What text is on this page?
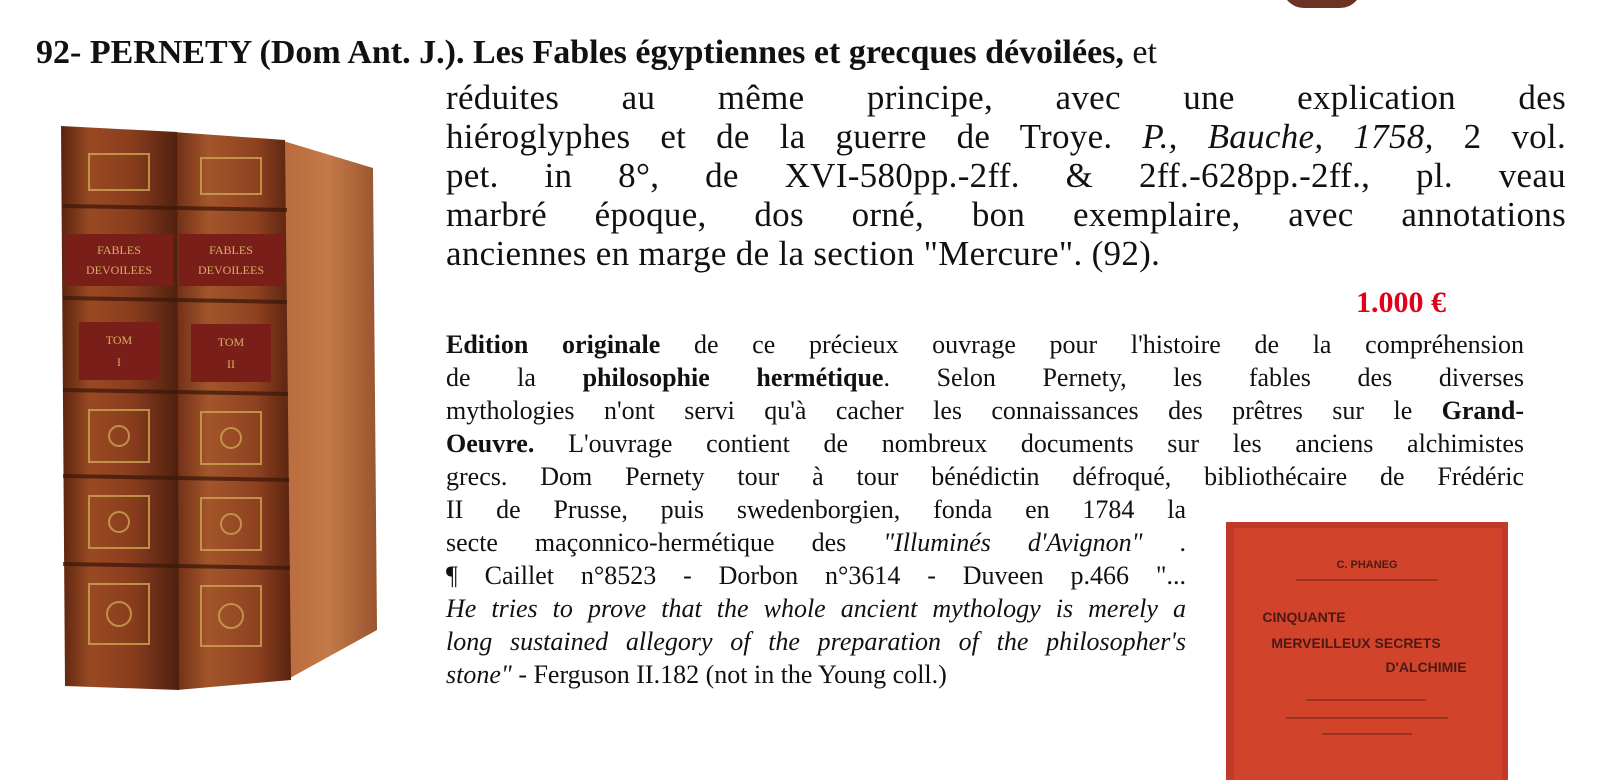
92- PERNETY (Dom Ant. J.). Les Fables égyptiennes et grecques dévoilées, et

réduites au même principe, avec une explication des
hiéroglyphes et de la guerre de Troye. P., Bauche, 1758, 2 vol.
pet. in 8°, de XVI-580pp.-2ff. & 2ff.-628pp.-2ff., pl. veau
marbré époque, dos orné, bon exemplaire, avec annotations
anciennes en marge de la section "Mercure". (92).

1.000 €
Edition originale de ce précieux ouvrage pour l'histoire de la compréhension
de la philosophie hermétique. Selon Pernety, les fables des diverses
mythologies n'ont servi qu'à cacher les connaissances des prêtres sur le Grand-
Oeuvre. L'ouvrage contient de nombreux documents sur les anciens alchimistes
grecs. Dom Pernety tour à tour bénédictin défroqué, bibliothécaire de Frédéric
II de Prusse, puis swedenborgien, fonda en 1784 la
secte maçonnico-hermétique des "Illuminés d'Avignon" .
¶ Caillet n°8523 - Dorbon n°3614 - Duveen p.466 "...
He tries to prove that the whole ancient mythology is merely a
long sustained allegory of the preparation of the philosopher's
stone" - Ferguson II.182 (not in the Young coll.)
FABLES
DEVOILEES
FABLES
DEVOILEES
TOM
I
TOM
II
C. PHANEG
CINQUANTE
MERVEILLEUX SECRETS
D'ALCHIMIE
